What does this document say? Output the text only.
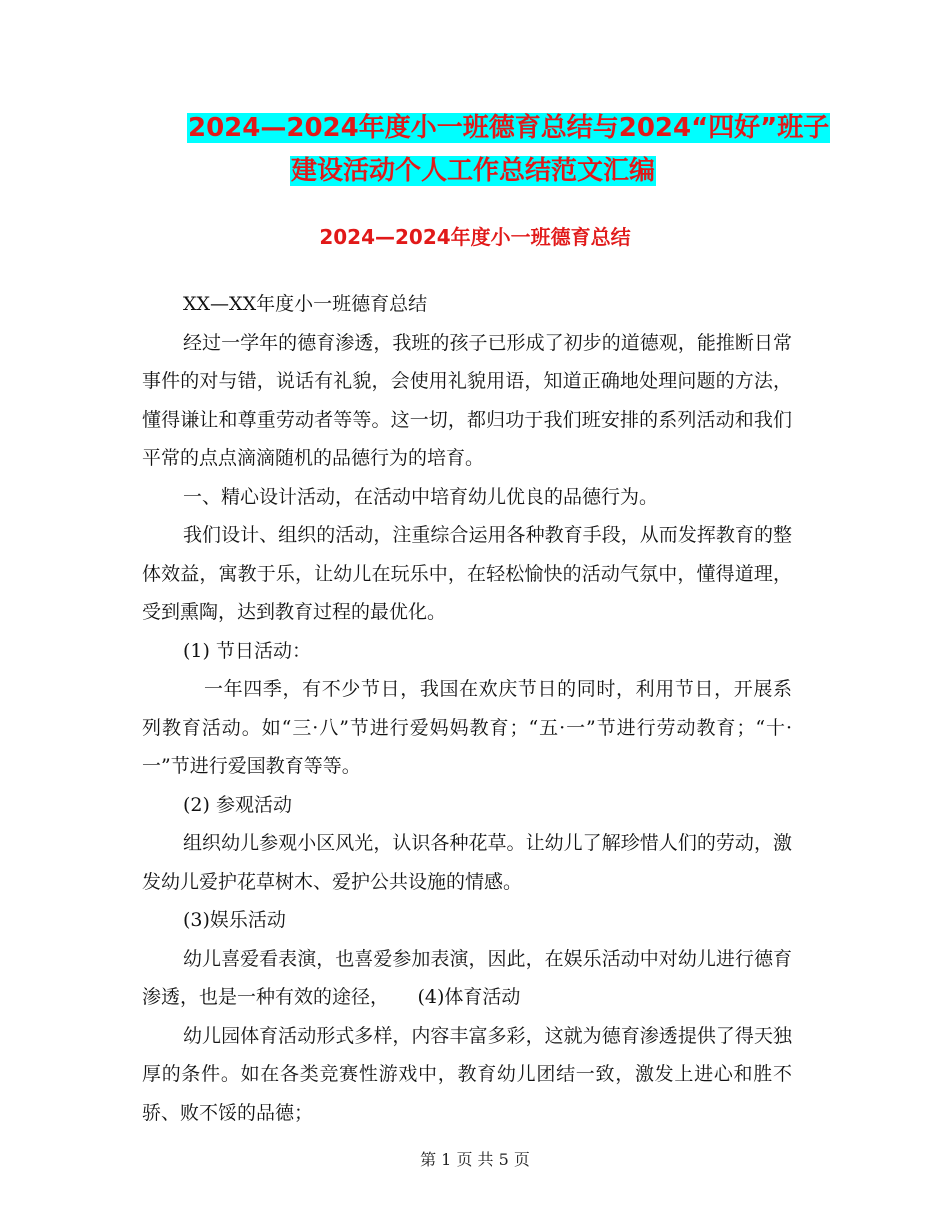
2024—2024年度小一班德育总结与2024“四好”班子
建设活动个人工作总结范文汇编
2024—2024年度小一班德育总结

XX—XX年度小一班德育总结

经过一学年的德育渗透，我班的孩子已形成了初步的道德观，能推断日常事件的对与错，说话有礼貌，会使用礼貌用语，知道正确地处理问题的方法，懂得谦让和尊重劳动者等等。这一切，都归功于我们班安排的系列活动和我们平常的点点滴滴随机的品德行为的培育。

一、精心设计活动，在活动中培育幼儿优良的品德行为。

我们设计、组织的活动，注重综合运用各种教育手段，从而发挥教育的整体效益，寓教于乐，让幼儿在玩乐中，在轻松愉快的活动气氛中，懂得道理，受到熏陶，达到教育过程的最优化。

(1) 节日活动：

一年四季，有不少节日，我国在欢庆节日的同时，利用节日，开展系列教育活动。如“三·八”节进行爱妈妈教育；“五·一”节进行劳动教育；“十·一”节进行爱国教育等等。

(2) 参观活动

组织幼儿参观小区风光，认识各种花草。让幼儿了解珍惜人们的劳动，激发幼儿爱护花草树木、爱护公共设施的情感。

(3)娱乐活动

幼儿喜爱看表演，也喜爱参加表演，因此，在娱乐活动中对幼儿进行德育渗透，也是一种有效的途径，　　(4)体育活动

幼儿园体育活动形式多样，内容丰富多彩，这就为德育渗透提供了得天独厚的条件。如在各类竞赛性游戏中，教育幼儿团结一致，激发上进心和胜不骄、败不馁的品德；

第 1 页 共 5 页
